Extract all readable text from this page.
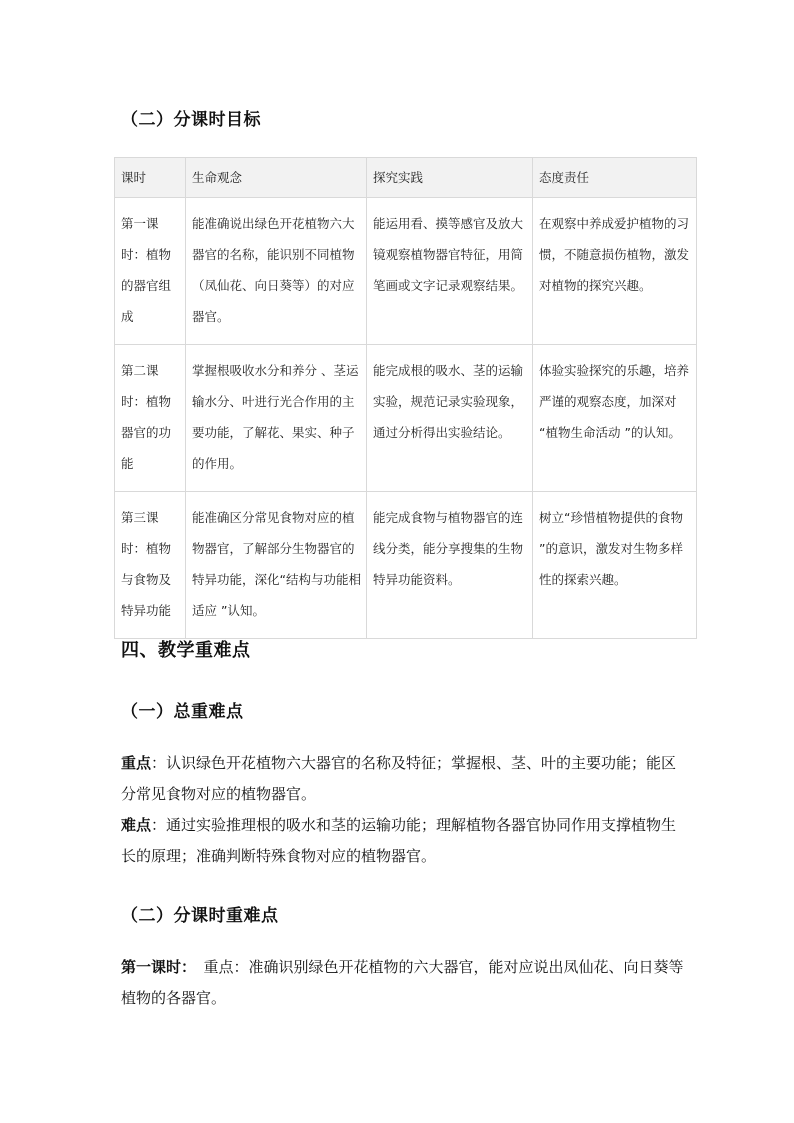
（二）分课时目标
课时	生命观念	探究实践	态度责任
第一课时：植物的器官组成	能准确说出绿色开花植物六大器官的名称，能识别不同植物（凤仙花、向日葵等）的对应器官。	能运用看、摸等感官及放大镜观察植物器官特征，用简笔画或文字记录观察结果。	在观察中养成爱护植物的习惯，不随意损伤植物，激发对植物的探究兴趣。
第二课时：植物器官的功能	掌握根吸收水分和养分 、茎运输水分、叶进行光合作用的主要功能，了解花、果实、种子的作用。	能完成根的吸水、茎的运输实验，规范记录实验现象，通过分析得出实验结论。	体验实验探究的乐趣，培养严谨的观察态度，加深对 “植物生命活动 ”的认知。
第三课时：植物与食物及特异功能	能准确区分常见食物对应的植物器官，了解部分生物器官的特异功能，深化“结构与功能相适应 ”认知。	能完成食物与植物器官的连线分类，能分享搜集的生物特异功能资料。	树立“珍惜植物提供的食物 ”的意识，激发对生物多样性的探索兴趣。
四、教学重难点
（一）总重难点
重点：认识绿色开花植物六大器官的名称及特征；掌握根、茎、叶的主要功能；能区分常见食物对应的植物器官。
难点：通过实验推理根的吸水和茎的运输功能；理解植物各器官协同作用支撑植物生长的原理；准确判断特殊食物对应的植物器官。
（二）分课时重难点
第一课时：　重点：准确识别绿色开花植物的六大器官，能对应说出凤仙花、向日葵等植物的各器官。
